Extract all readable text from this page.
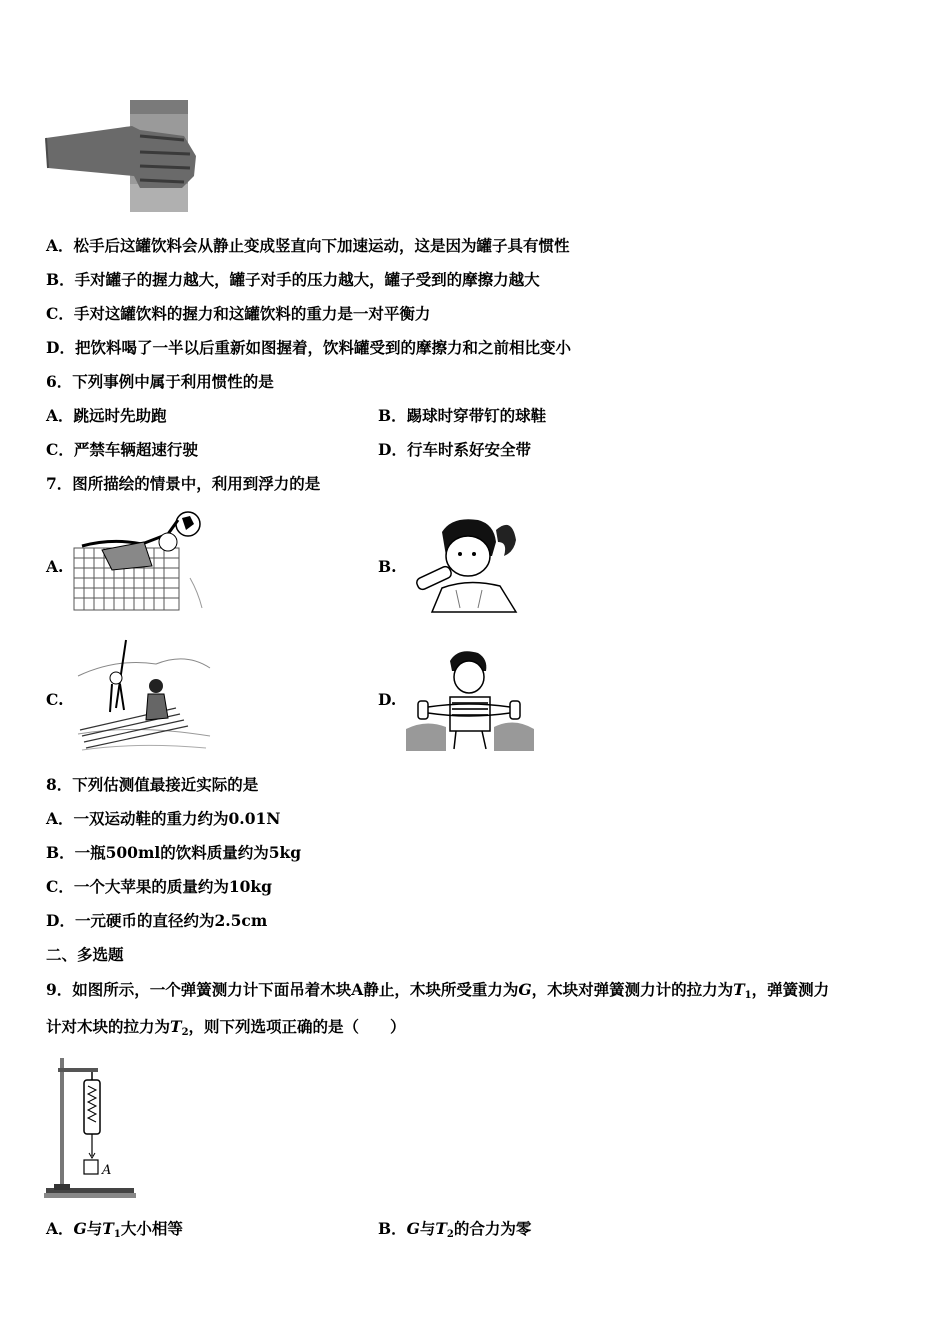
A．松手后这罐饮料会从静止变成竖直向下加速运动，这是因为罐子具有惯性
B．手对罐子的握力越大，罐子对手的压力越大，罐子受到的摩擦力越大
C．手对这罐饮料的握力和这罐饮料的重力是一对平衡力
D．把饮料喝了一半以后重新如图握着，饮料罐受到的摩擦力和之前相比变小
6．下列事例中属于利用惯性的是
A．跳远时先助跑	B．踢球时穿带钉的球鞋
C．严禁车辆超速行驶	D．行车时系好安全带
7．图所描绘的情景中，利用到浮力的是
A.	B.
C.	D.
8．下列估测值最接近实际的是
A．一双运动鞋的重力约为0.01N
B．一瓶500ml的饮料质量约为5kg
C．一个大苹果的质量约为10kg
D．一元硬币的直径约为2.5cm
二、多选题
9．如图所示，一个弹簧测力计下面吊着木块A静止，木块所受重力为G，木块对弹簧测力计的拉力为$T_1$，弹簧测力
计对木块的拉力为$T_2$，则下列选项正确的是（　　）
A
A．G与$T_1$大小相等	B．G与$T_2$的合力为零
